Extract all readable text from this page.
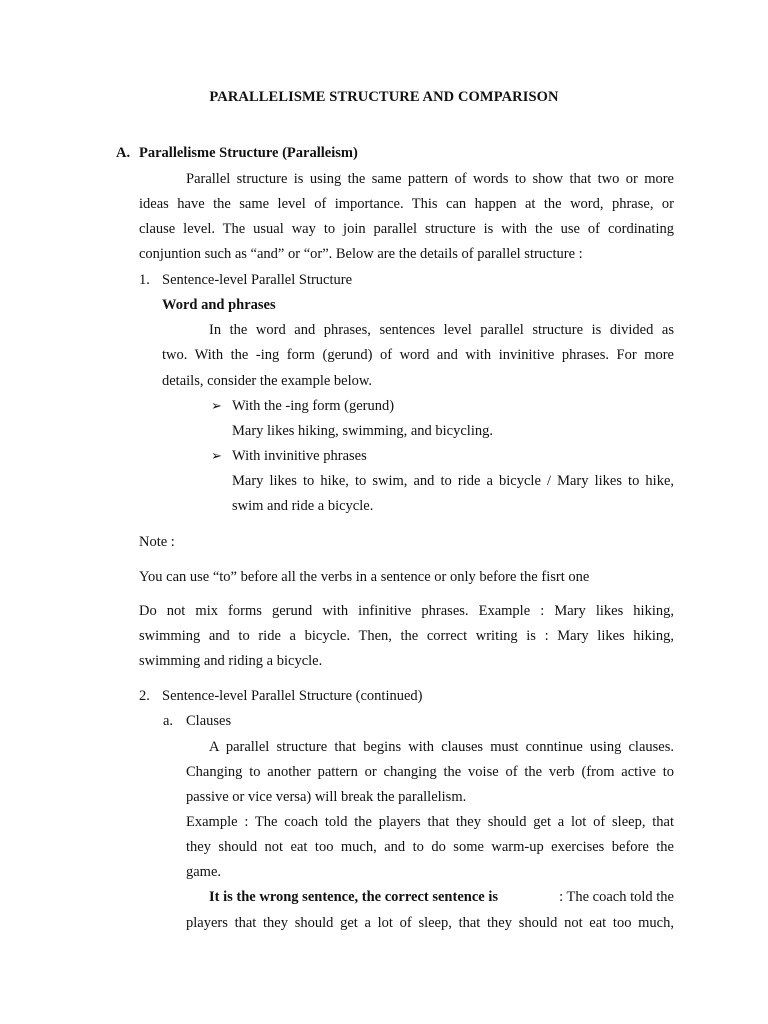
PARALLELISME STRUCTURE AND COMPARISON
A. Parallelisme Structure (Paralleism)
Parallel structure is using the same pattern of words to show that two or more
ideas have the same level of importance. This can happen at the word, phrase, or
clause level. The usual way to join parallel structure is with the use of cordinating
conjuntion such as “and” or “or”. Below are the details of parallel structure :
1. Sentence-level Parallel Structure
Word and phrases
In the word and phrases, sentences level parallel structure is divided as
two. With the -ing form (gerund) of word and with invinitive phrases. For more
details, consider the example below.
➢ With the -ing form (gerund)
Mary likes hiking, swimming, and bicycling.
➢ With invinitive phrases
Mary likes to hike, to swim, and to ride a bicycle / Mary likes to hike,
swim and ride a bicycle.
Note :
You can use “to” before all the verbs in a sentence or only before the fisrt one
Do not mix forms gerund with infinitive phrases. Example : Mary likes hiking,
swimming and to ride a bicycle. Then, the correct writing is : Mary likes hiking,
swimming and riding a bicycle.
2. Sentence-level Parallel Structure (continued)
a. Clauses
A parallel structure that begins with clauses must conntinue using clauses.
Changing to another pattern or changing the voise of the verb (from active to
passive or vice versa) will break the parallelism.
Example : The coach told the players that they should get a lot of sleep, that
they should not eat too much, and to do some warm-up exercises before the
game.
It is the wrong sentence, the correct sentence is	: The coach told the
players that they should get a lot of sleep, that they should not eat too much,
